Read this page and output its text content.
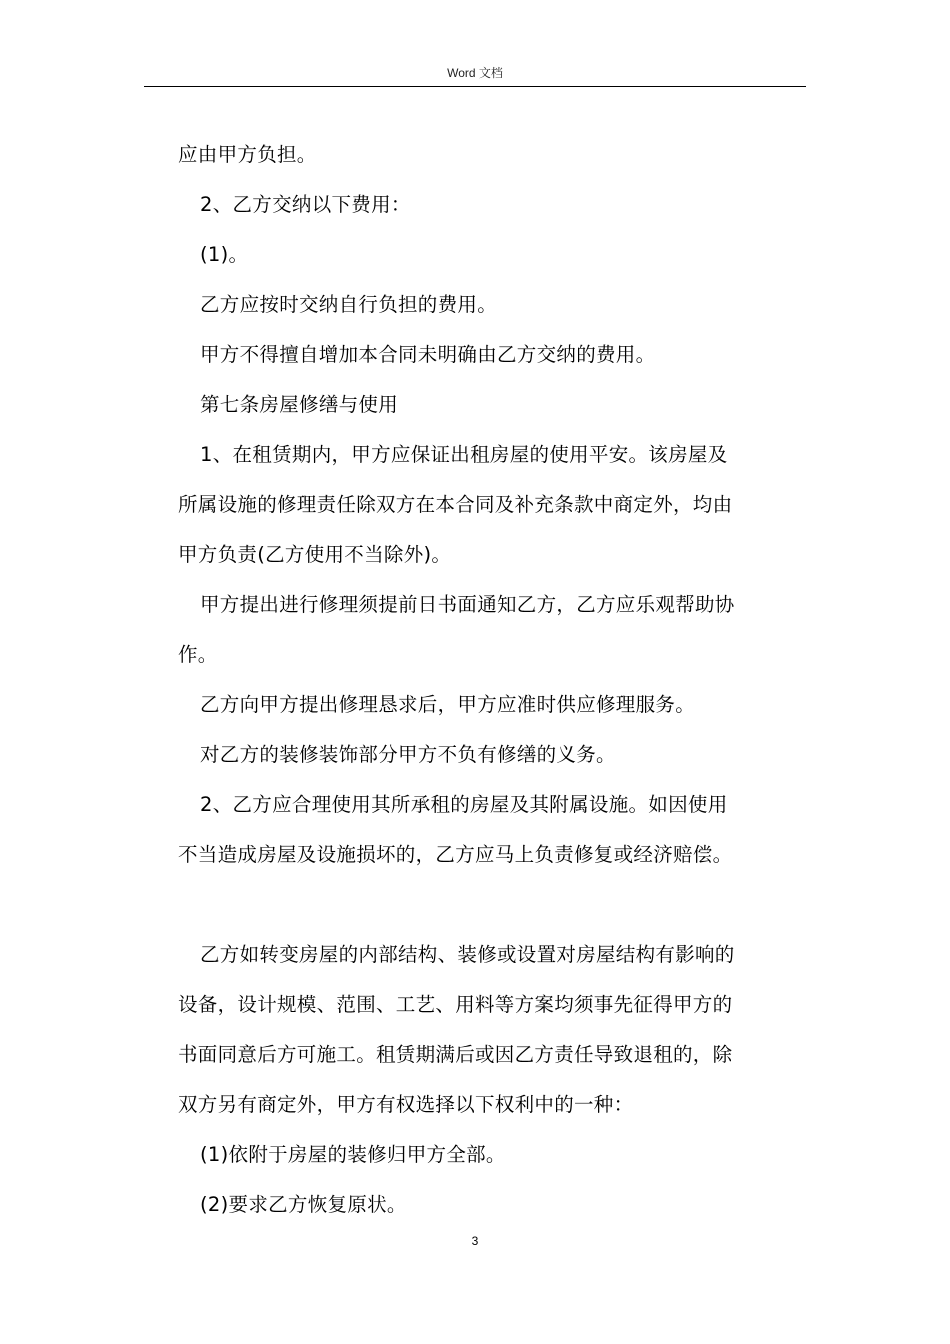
Word 文档

应由甲方负担。

2、乙方交纳以下费用：

(1)。

乙方应按时交纳自行负担的费用。

甲方不得擅自增加本合同未明确由乙方交纳的费用。

第七条房屋修缮与使用

1、在租赁期内，甲方应保证出租房屋的使用平安。该房屋及

所属设施的修理责任除双方在本合同及补充条款中商定外，均由

甲方负责(乙方使用不当除外)。

甲方提出进行修理须提前日书面通知乙方，乙方应乐观帮助协

作。

乙方向甲方提出修理恳求后，甲方应准时供应修理服务。

对乙方的装修装饰部分甲方不负有修缮的义务。

2、乙方应合理使用其所承租的房屋及其附属设施。如因使用

不当造成房屋及设施损坏的，乙方应马上负责修复或经济赔偿。

乙方如转变房屋的内部结构、装修或设置对房屋结构有影响的

设备，设计规模、范围、工艺、用料等方案均须事先征得甲方的

书面同意后方可施工。租赁期满后或因乙方责任导致退租的，除

双方另有商定外，甲方有权选择以下权利中的一种：

(1)依附于房屋的装修归甲方全部。

(2)要求乙方恢复原状。

3
